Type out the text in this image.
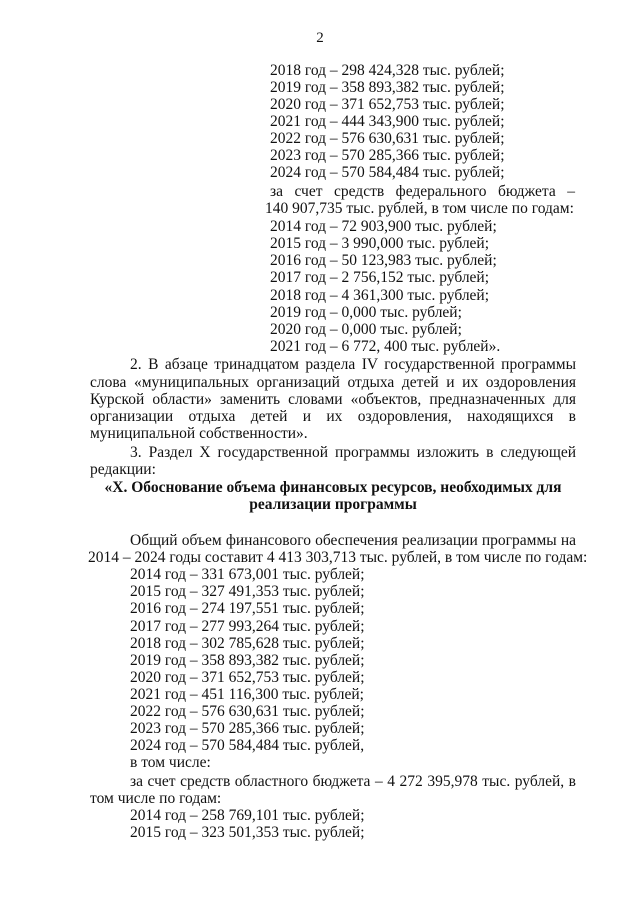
2
2018 год – 298 424,328 тыс. рублей;
2019 год – 358 893,382 тыс. рублей;
2020 год – 371 652,753 тыс. рублей;
2021 год – 444 343,900 тыс. рублей;
2022 год – 576 630,631 тыс. рублей;
2023 год – 570 285,366 тыс. рублей;
2024 год – 570 584,484 тыс. рублей;
за счет средств федерального бюджета –
140 907,735 тыс. рублей, в том числе по годам:
2014 год – 72 903,900 тыс. рублей;
2015 год – 3 990,000 тыс. рублей;
2016 год – 50 123,983 тыс. рублей;
2017 год – 2 756,152 тыс. рублей;
2018 год – 4 361,300 тыс. рублей;
2019 год – 0,000 тыс. рублей;
2020 год – 0,000 тыс. рублей;
2021 год – 6 772, 400 тыс. рублей».
2. В абзаце тринадцатом раздела IV государственной программы
слова «муниципальных организаций отдыха детей и их оздоровления
Курской области» заменить словами «объектов, предназначенных для
организации отдыха детей и их оздоровления, находящихся в
муниципальной собственности».
3. Раздел X государственной программы изложить в следующей
редакции:
«X. Обоснование объема финансовых ресурсов, необходимых для
реализации программы
Общий объем финансового обеспечения реализации программы на
2014 – 2024 годы составит 4 413 303,713 тыс. рублей, в том числе по годам:
2014 год – 331 673,001 тыс. рублей;
2015 год – 327 491,353 тыс. рублей;
2016 год – 274 197,551 тыс. рублей;
2017 год – 277 993,264 тыс. рублей;
2018 год – 302 785,628 тыс. рублей;
2019 год – 358 893,382 тыс. рублей;
2020 год – 371 652,753 тыс. рублей;
2021 год – 451 116,300 тыс. рублей;
2022 год – 576 630,631 тыс. рублей;
2023 год – 570 285,366 тыс. рублей;
2024 год – 570 584,484 тыс. рублей,
в том числе:
за счет средств областного бюджета – 4 272 395,978 тыс. рублей, в
том числе по годам:
2014 год – 258 769,101 тыс. рублей;
2015 год – 323 501,353 тыс. рублей;
